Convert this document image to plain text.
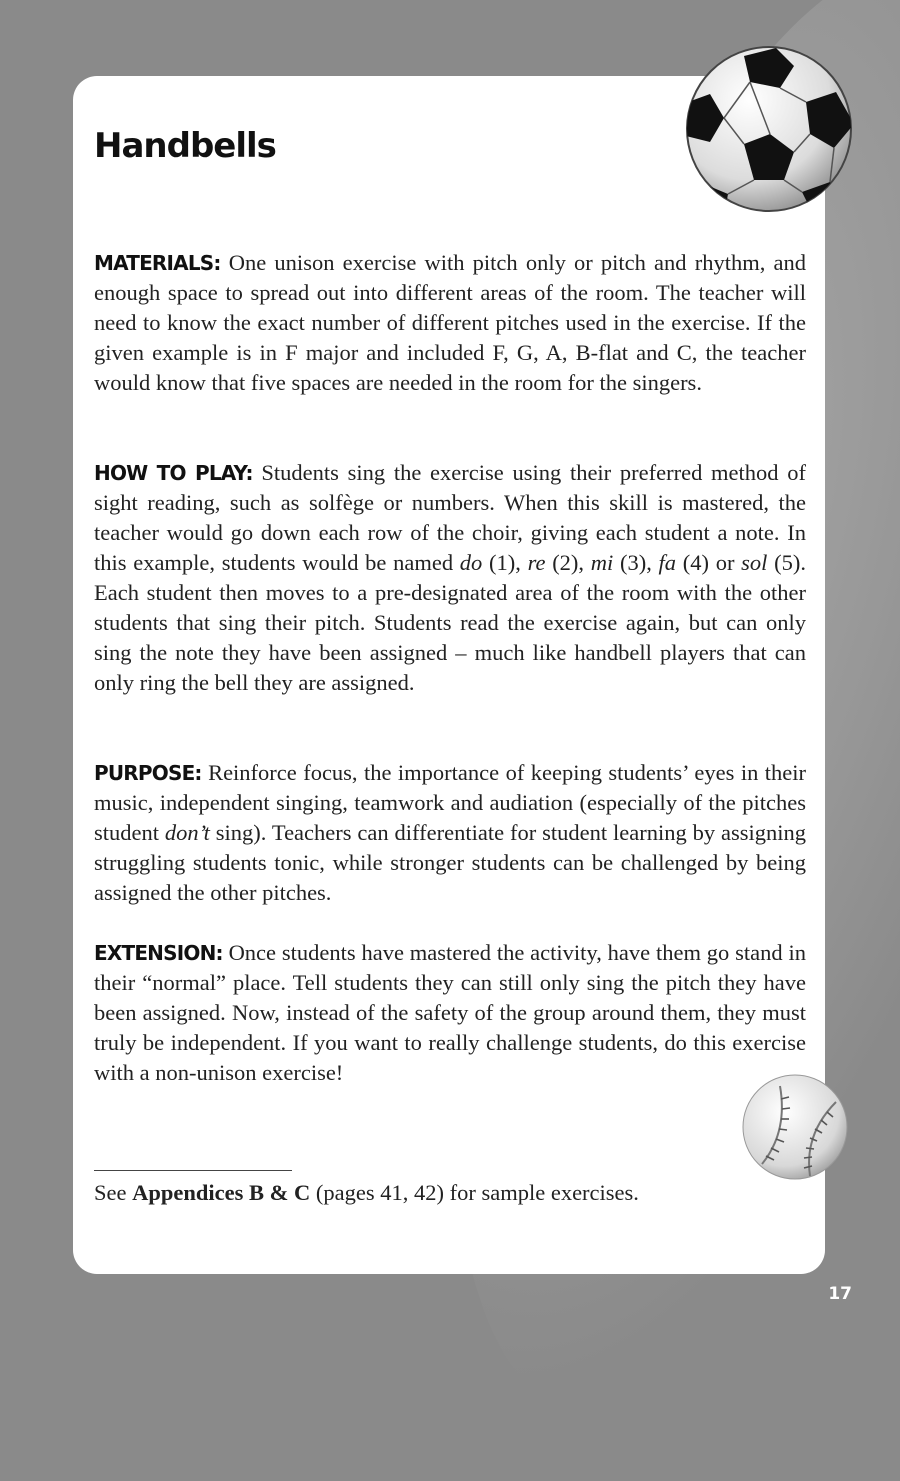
Handbells

MATERIALS: One unison exercise with pitch only or pitch and rhythm, and enough space to spread out into different areas of the room. The teacher will need to know the exact number of different pitches used in the exercise. If the given example is in F major and included F, G, A, B-flat and C, the teacher would know that five spaces are needed in the room for the singers.

HOW TO PLAY: Students sing the exercise using their preferred method of sight reading, such as solfège or numbers. When this skill is mastered, the teacher would go down each row of the choir, giving each student a note. In this example, students would be named do (1), re (2), mi (3), fa (4) or sol (5). Each student then moves to a pre-designated area of the room with the other students that sing their pitch. Students read the exercise again, but can only sing the note they have been assigned – much like handbell players that can only ring the bell they are assigned.

PURPOSE: Reinforce focus, the importance of keeping students’ eyes in their music, independent singing, teamwork and audiation (especially of the pitches student don’t sing). Teachers can differentiate for student learning by assigning struggling students tonic, while stronger students can be challenged by being assigned the other pitches.

EXTENSION: Once students have mastered the activity, have them go stand in their “normal” place. Tell students they can still only sing the pitch they have been assigned. Now, instead of the safety of the group around them, they must truly be independent. If you want to really challenge students, do this exercise with a non-unison exercise!

See Appendices B & C (pages 41, 42) for sample exercises.

17
